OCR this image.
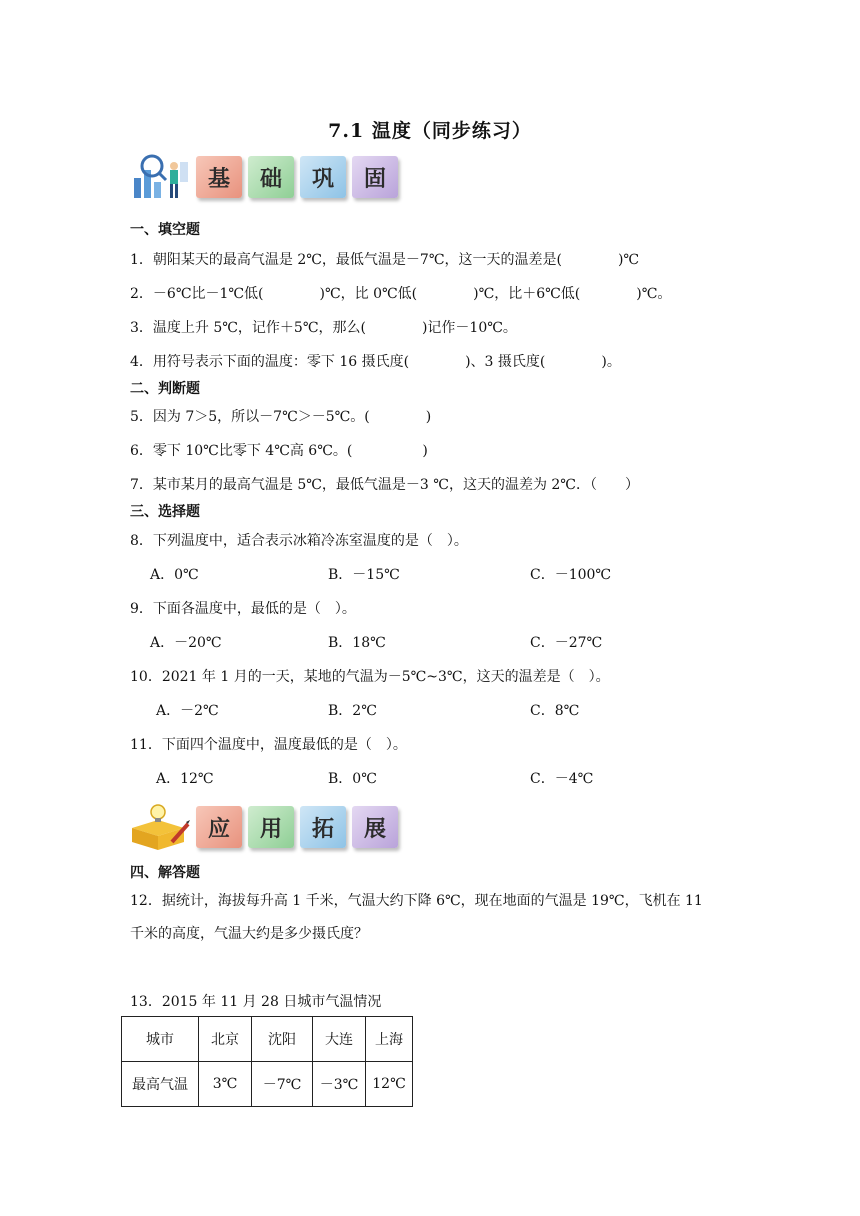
7.1 温度（同步练习）
基	础	巩	固
一、填空题
1．朝阳某天的最高气温是 2℃，最低气温是－7℃，这一天的温差是(　　　　)℃
2．－6℃比－1℃低(　　　　)℃，比 0℃低(　　　　)℃，比＋6℃低(　　　　)℃。
3．温度上升 5℃，记作＋5℃，那么(　　　　)记作－10℃。
4．用符号表示下面的温度：零下 16 摄氏度(　　　　)、3 摄氏度(　　　　)。
二、判断题
5．因为 7＞5，所以－7℃＞－5℃。(　　　　)
6．零下 10℃比零下 4℃高 6℃。(　　　　　)
7．某市某月的最高气温是 5℃，最低气温是－3 ℃，这天的温差为 2℃．（　　）
三、选择题
8．下列温度中，适合表示冰箱冷冻室温度的是（　）。
A．0℃	B．－15℃	C．－100℃
9．下面各温度中，最低的是（　）。
A．－20℃	B．18℃	C．－27℃
10．2021 年 1 月的一天，某地的气温为－5℃~3℃，这天的温差是（　）。
A．－2℃	B．2℃	C．8℃
11．下面四个温度中，温度最低的是（　）。
A．12℃	B．0℃	C．－4℃
应	用	拓	展
四、解答题
12．据统计，海拔每升高 1 千米，气温大约下降 6℃，现在地面的气温是 19℃，飞机在 11
千米的高度，气温大约是多少摄氏度？
13．2015 年 11 月 28 日城市气温情况
城市	北京	沈阳	大连	上海
最高气温	3℃	－7℃	－3℃	12℃
